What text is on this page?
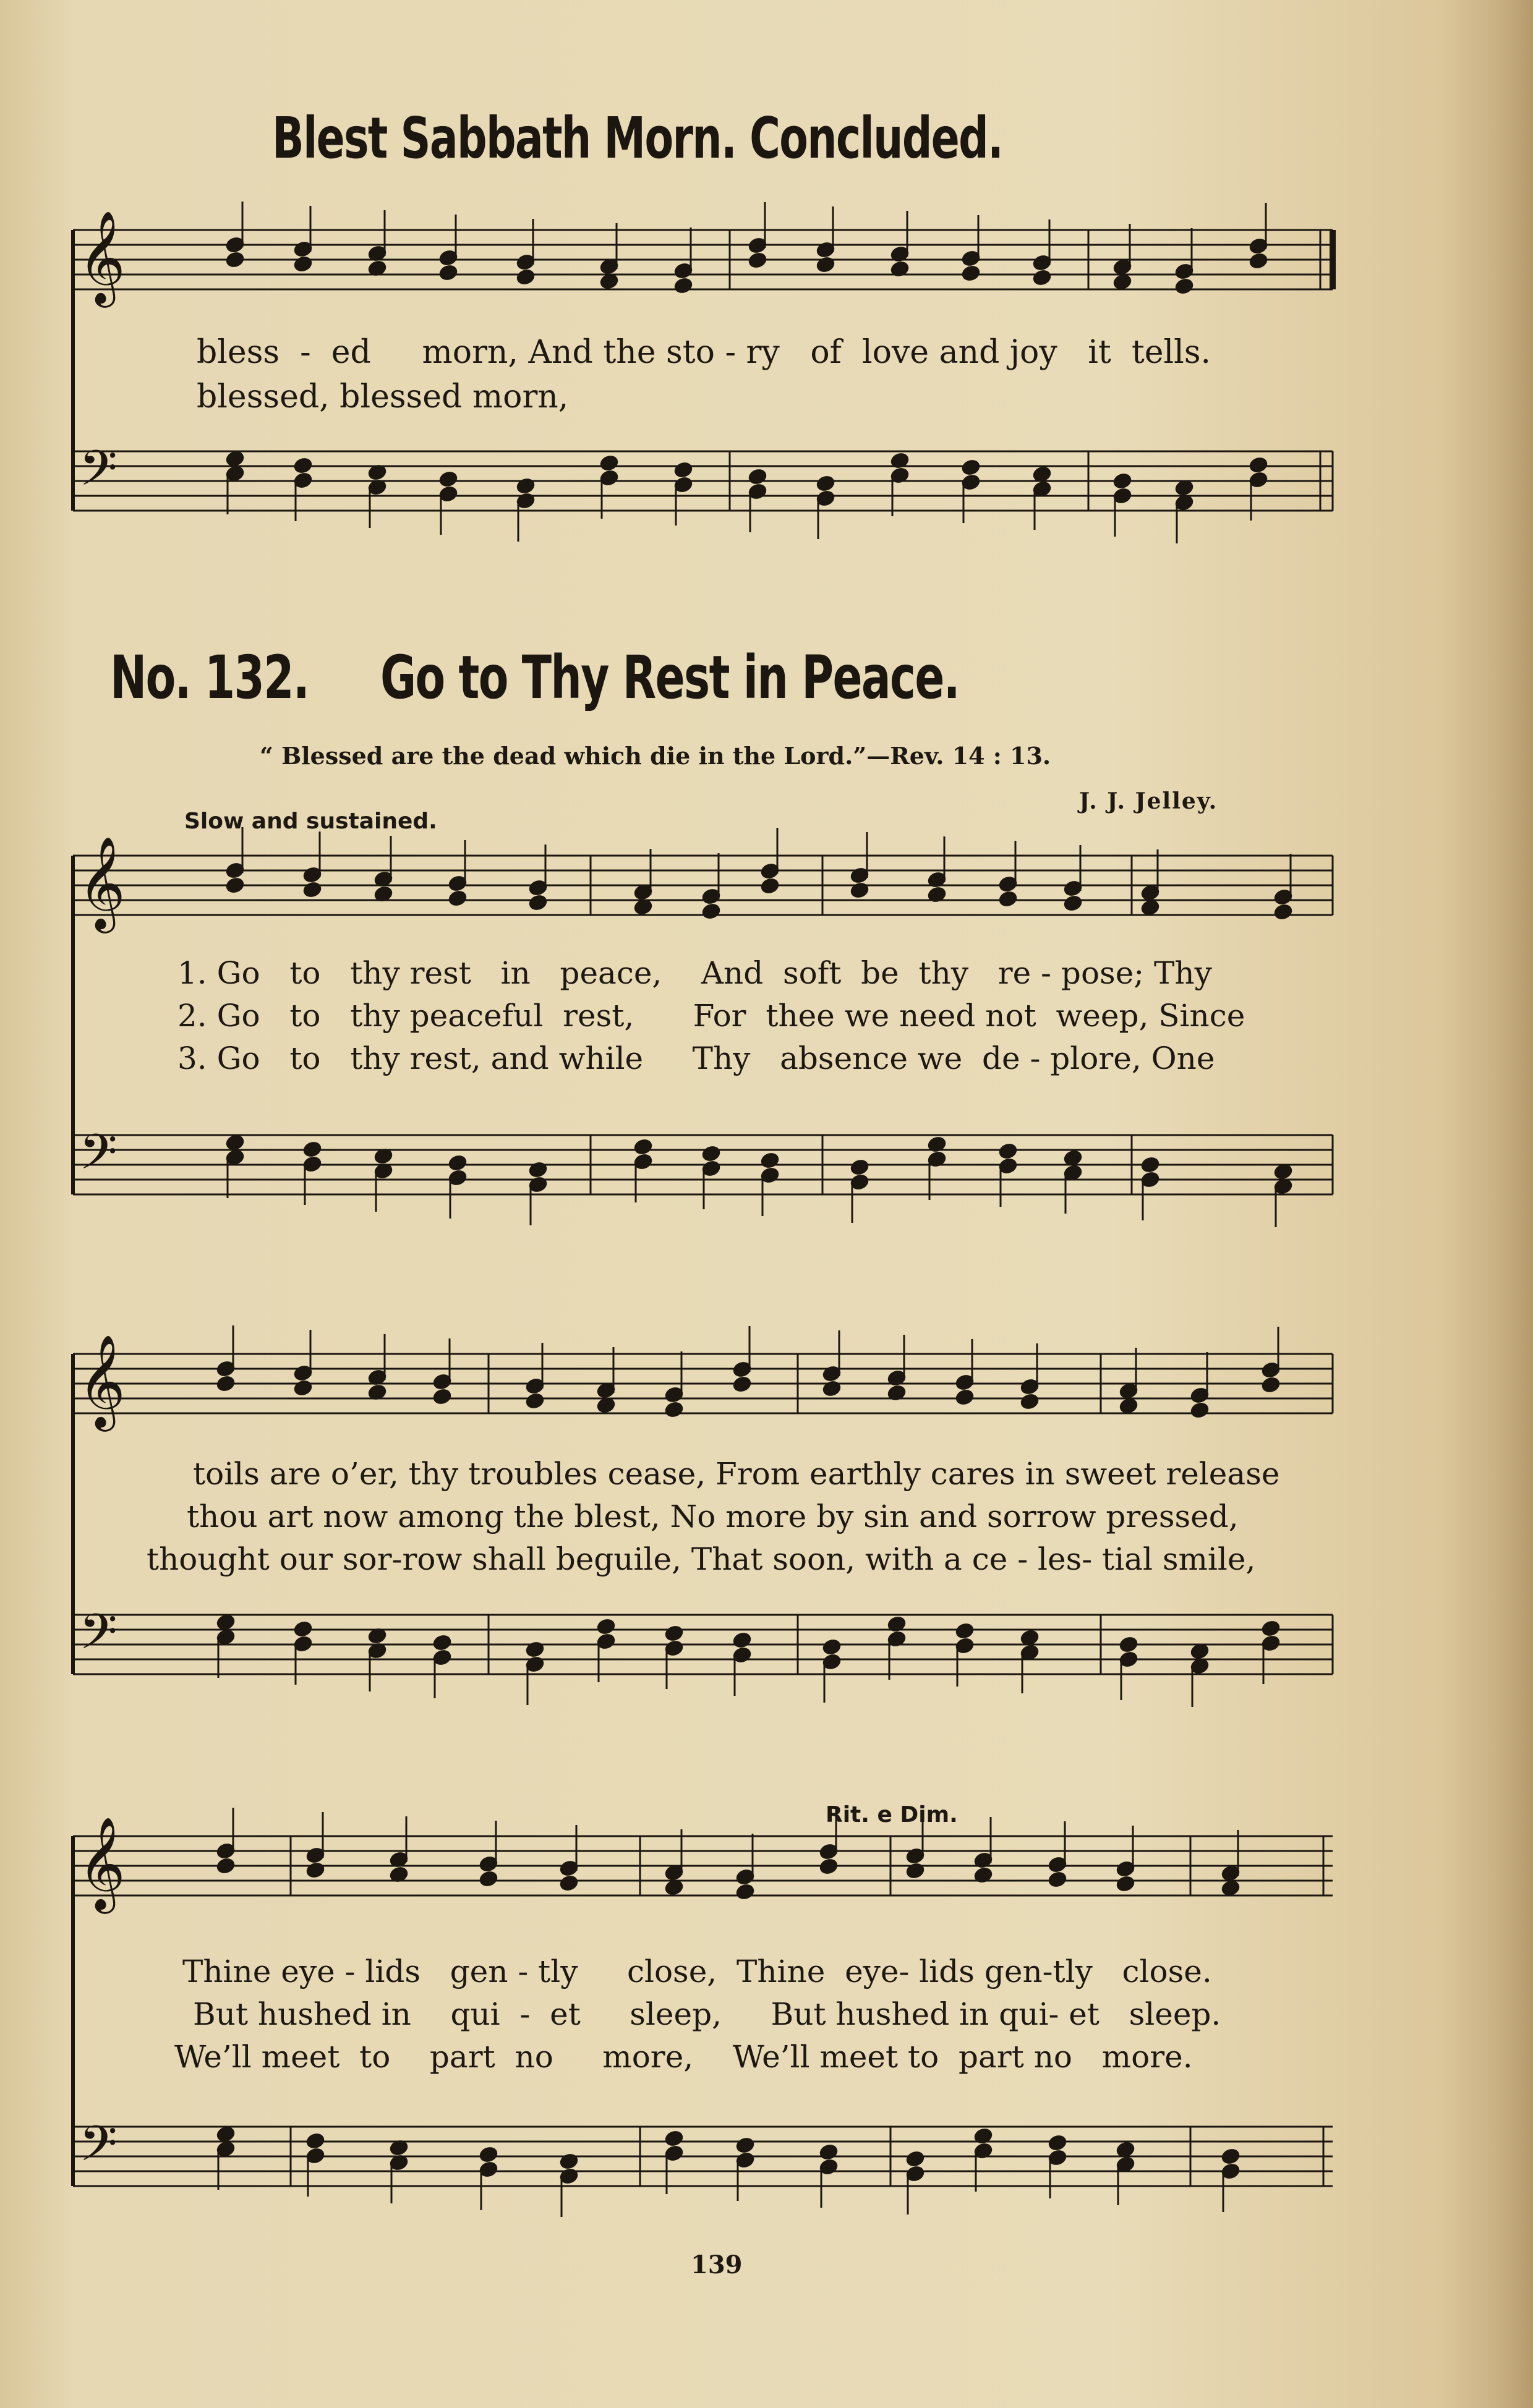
Blest Sabbath Morn. Concluded.
𝄞
𝄢
𝄞
𝄢
𝄞
𝄢
𝄞
𝄢
bless  -  ed     morn, And the sto - ry   of  love and joy   it  tells.
blessed, blessed morn,
No. 132. Go to Thy Rest in Peace.
“ Blessed are the dead which die in the Lord.”—Rev. 14 : 13.
J. J. Jelley.
Slow and sustained.
Rit. e Dim.
1. Go   to   thy rest   in   peace,    And  soft  be  thy   re - pose; Thy
2. Go   to   thy peaceful  rest,      For  thee we need not  weep, Since
3. Go   to   thy rest, and while     Thy   absence we  de - plore, One
toils are o’er, thy troubles cease, From earthly cares in sweet release
thou art now among the blest, No more by sin and sorrow pressed,
thought our sor-row shall beguile, That soon, with a ce - les- tial smile,
Thine eye - lids   gen - tly     close,  Thine  eye- lids gen-tly   close.
But hushed in    qui  -  et     sleep,     But hushed in qui- et   sleep.
We’ll meet  to    part  no     more,    We’ll meet to  part no   more.
139
